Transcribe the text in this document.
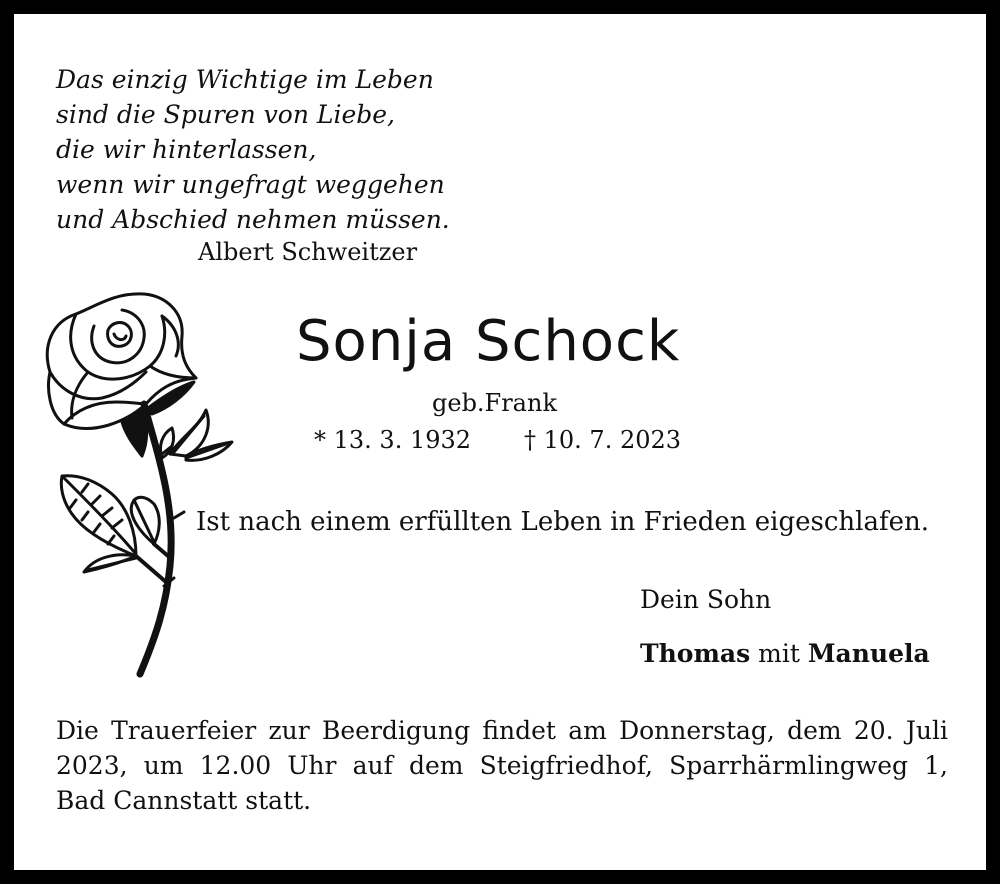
Das einzig Wichtige im Leben
sind die Spuren von Liebe,
die wir hinterlassen,
wenn wir ungefragt weggehen
und Abschied nehmen müssen.
Albert Schweitzer
Sonja Schock
geb.Frank
* 13. 3. 1932 † 10. 7. 2023
Ist nach einem erfüllten Leben in Frieden eigeschlafen.
Dein Sohn
Thomas mit Manuela
Die Trauerfeier zur Beerdigung findet am Donnerstag, dem 20. Juli
2023, um 12.00 Uhr auf dem Steigfriedhof, Sparrhärmlingweg 1,
Bad Cannstatt statt.
